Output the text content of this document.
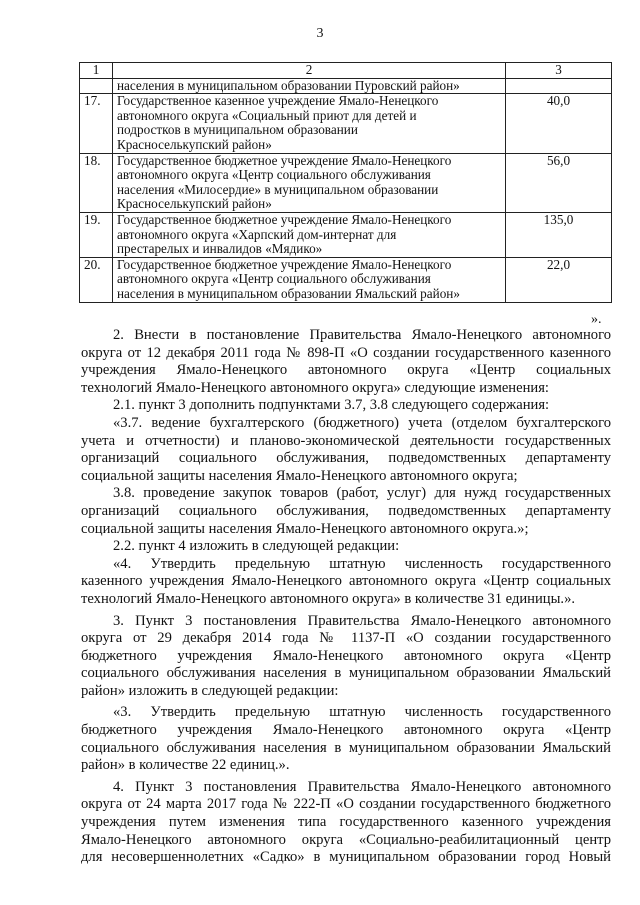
3
1	2	3

	населения в муниципальном образовании Пуровский район»	

17.	Государственное казенное учреждение Ямало-Ненецкого
автономного округа «Социальный приют для детей и
подростков в муниципальном образовании
Красноселькупский район»	40,0
18.	Государственное бюджетное учреждение Ямало-Ненецкого
автономного округа «Центр социального обслуживания
населения «Милосердие» в муниципальном образовании
Красноселькупский район»	56,0
19.	Государственное бюджетное учреждение Ямало-Ненецкого
автономного округа «Харпский дом-интернат для
престарелых и инвалидов «Мядико»	135,0
20.	Государственное бюджетное учреждение Ямало-Ненецкого
автономного округа «Центр социального обслуживания
населения в муниципальном образовании Ямальский район»	22,0
».

2. Внести в постановление Правительства Ямало-Ненецкого автономного
округа от 12 декабря 2011 года № 898-П «О создании государственного казенного
учреждения Ямало-Ненецкого автономного округа «Центр социальных
технологий Ямало-Ненецкого автономного округа» следующие изменения:

2.1. пункт 3 дополнить подпунктами 3.7, 3.8 следующего содержания:

«3.7. ведение бухгалтерского (бюджетного) учета (отделом бухгалтерского
учета и отчетности) и планово-экономической деятельности государственных
организаций социального обслуживания, подведомственных департаменту
социальной защиты населения Ямало-Ненецкого автономного округа;

3.8. проведение закупок товаров (работ, услуг) для нужд государственных
организаций социального обслуживания, подведомственных департаменту
социальной защиты населения Ямало-Ненецкого автономного округа.»;

2.2. пункт 4 изложить в следующей редакции:

«4. Утвердить предельную штатную численность государственного
казенного учреждения Ямало-Ненецкого автономного округа «Центр социальных
технологий Ямало-Ненецкого автономного округа» в количестве 31 единицы.».

3. Пункт 3 постановления Правительства Ямало-Ненецкого автономного
округа от 29 декабря 2014 года № 1137-П «О создании государственного
бюджетного учреждения Ямало-Ненецкого автономного округа «Центр
социального обслуживания населения в муниципальном образовании Ямальский
район» изложить в следующей редакции:

«3. Утвердить предельную штатную численность государственного
бюджетного учреждения Ямало-Ненецкого автономного округа «Центр
социального обслуживания населения в муниципальном образовании Ямальский
район» в количестве 22 единиц.».

4. Пункт 3 постановления Правительства Ямало-Ненецкого автономного
округа от 24 марта 2017 года № 222-П «О создании государственного бюджетного
учреждения путем изменения типа государственного казенного учреждения
Ямало-Ненецкого автономного округа «Социально-реабилитационный центр
для несовершеннолетних «Садко» в муниципальном образовании город Новый
